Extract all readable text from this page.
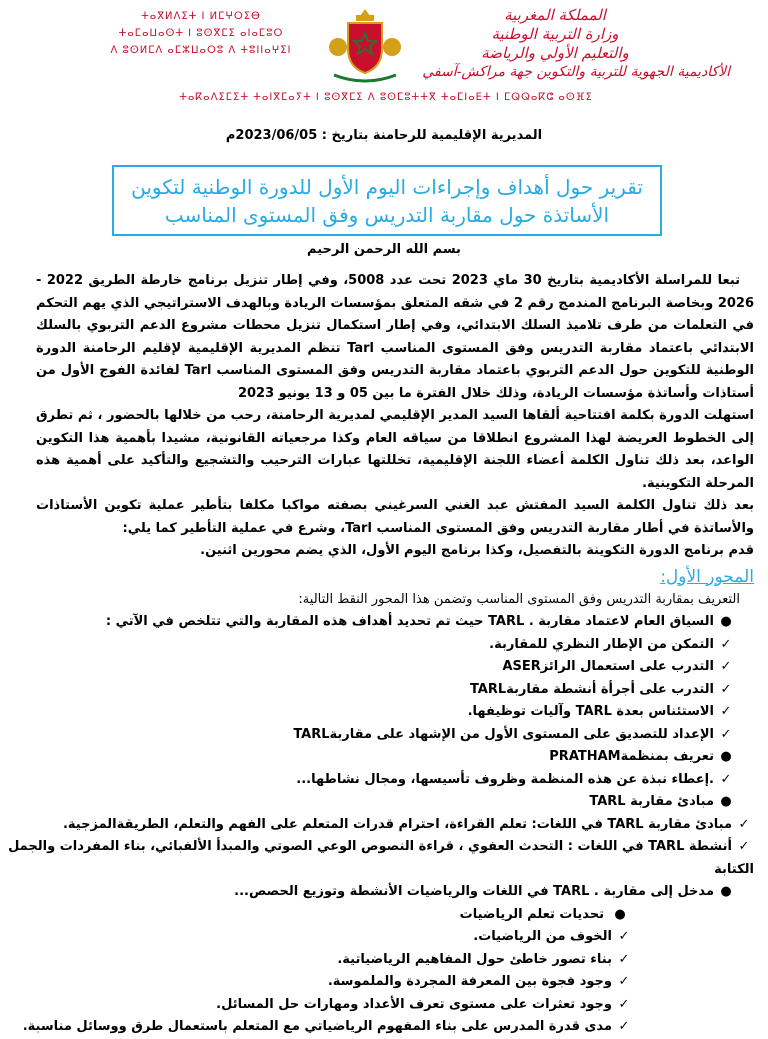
ⵜⴰⴳⵍⴷⵉⵜ ⵏ ⵍⵎⵖⵔⵉⴱ
ⵜⴰⵎⴰⵡⴰⵙⵜ ⵏ ⵓⵙⴳⵎⵉ ⴰⵏⴰⵎⵓⵔ
ⴷ ⵓⵙⵍⵎⴷ ⴰⵎⵣⵡⴰⵔⵓ ⴷ ⵜⵓⵏⵏⴰⵖⵉⵏ
المملكة المغربية
وزارة التربية الوطنية
والتعليم الأولي والرياضة
الأكاديمية الجهوية للتربية والتكوين جهة مراكش-آسفي
ⵜⴰⴽⴰⴷⵉⵎⵉⵜ ⵜⴰⵏⴳⵎⴰⵢⵜ ⵏ ⵓⵙⴳⵎⵉ ⴷ ⵓⵙⵎⵓⵜⵜⴳ ⵜⴰⵎⵏⴰⴹⵜ ⵏ ⵎⵕⵕⴰⴽⵛ ⴰⵙⴼⵉ
المديرية الإقليمية للرحامنة بتاريخ : 2023/06/05م
تقرير حول أهداف وإجراءات اليوم الأول للدورة الوطنية لتكوين
الأساتذة حول مقاربة التدريس وفق المستوى المناسب
بسم الله الرحمن الرحيم

تبعا للمراسلة الأكاديمية بتاريخ 30 ماي 2023 تحت عدد 5008، وفي إطار تنزيل برنامج خارطة الطريق 2022 - 2026 وبخاصة البرنامج المندمج رقم 2 في شقه المتعلق بمؤسسات الريادة وبالهدف الاستراتيجي الذي يهم التحكم في التعلمات من طرف تلاميذ السلك الابتدائي، وفي إطار استكمال تنزيل محطات مشروع الدعم التربوي بالسلك الابتدائي باعتماد مقاربة التدريس وفق المستوى المناسب Tarl تنظم المديرية الإقليمية لإقليم الرحامنة الدورة الوطنية للتكوين حول الدعم التربوي باعتماد مقاربة التدريس وفق المستوى المناسب Tarl لفائدة الفوج الأول من أستاذات وأساتذة مؤسسات الريادة، وذلك خلال الفترة ما بين 05 و 13 يونيو 2023

استهلت الدورة بكلمة افتتاحية ألقاها السيد المدير الإقليمي لمديرية الرحامنة، رحب من خلالها بالحضور ، ثم تطرق إلى الخطوط العريضة لهذا المشروع انطلاقا من سياقه العام وكذا مرجعياته القانونية، مشيدا بأهمية هذا التكوين الواعد، بعد ذلك تناول الكلمة أعضاء اللجنة الإقليمية، تخللتها عبارات الترحيب والتشجيع والتأكيد على أهمية هذه المرحلة التكوينية.

بعد ذلك تناول الكلمة السيد المفتش عبد الغني السرغيني بصفته مواكبا مكلفا بتأطير عملية تكوين الأستاذات والأساتذة في أطار مقاربة التدريس وفق المستوى المناسب Tarl، وشرع في عملية التأطير كما يلي:

قدم برنامج الدورة التكوينة بالتفصيل، وكذا برنامج اليوم الأول، الذي يضم محورين اثنين.

المحور الأول:

التعريف بمقاربة التدريس وفق المستوى المناسب وتضمن هذا المحور النقط التالية:

●
السياق العام لاعتماد مقاربة . TARL حيث تم تحديد أهداف هذه المقاربة والتي تتلخص في الآتي :
✓
التمكن من الإطار النظري للمقاربة.
✓
التدرب على استعمال الرائزASER
✓
التدرب على أجرأة أنشطة مقاربةTARL
✓
الاستئناس بعدة TARL وآليات توظيفها.
✓
الإعداد للتصديق على المستوى الأول من الإشهاد على مقاربةTARL
●
تعريف بمنظمةPRATHAM
✓
.إعطاء نبذة عن هذه المنظمة وظروف تأسيسها، ومجال نشاطها...
●
مبادئ مقاربة TARL
✓
مبادئ مقاربة TARL في اللغات: تعلم القراءة، احترام قدرات المتعلم على الفهم والتعلم، الطريقةالمزجية.
✓
أنشطة TARL في اللغات : التحدث العفوي ، قراءة النصوص الوعي الصوتي والمبدأ الألفبائي، بناء المفردات والجمل
الكتابة
●
مدخل إلى مقاربة . TARL في اللغات والرياضيات الأنشطة وتوزيع الحصص...
●
تحديات تعلم الرياضيات
✓
الخوف من الرياضيات.
✓
بناء تصور خاطئ حول المفاهيم الرياضياتية.
✓
وجود فجوة بين المعرفة المجردة والملموسة.
✓
وجود تعثرات على مستوى تعرف الأعداد ومهارات حل المسائل.
✓
مدى قدرة المدرس على بناء المفهوم الرياضياتي مع المتعلم باستعمال طرق ووسائل مناسبة.
